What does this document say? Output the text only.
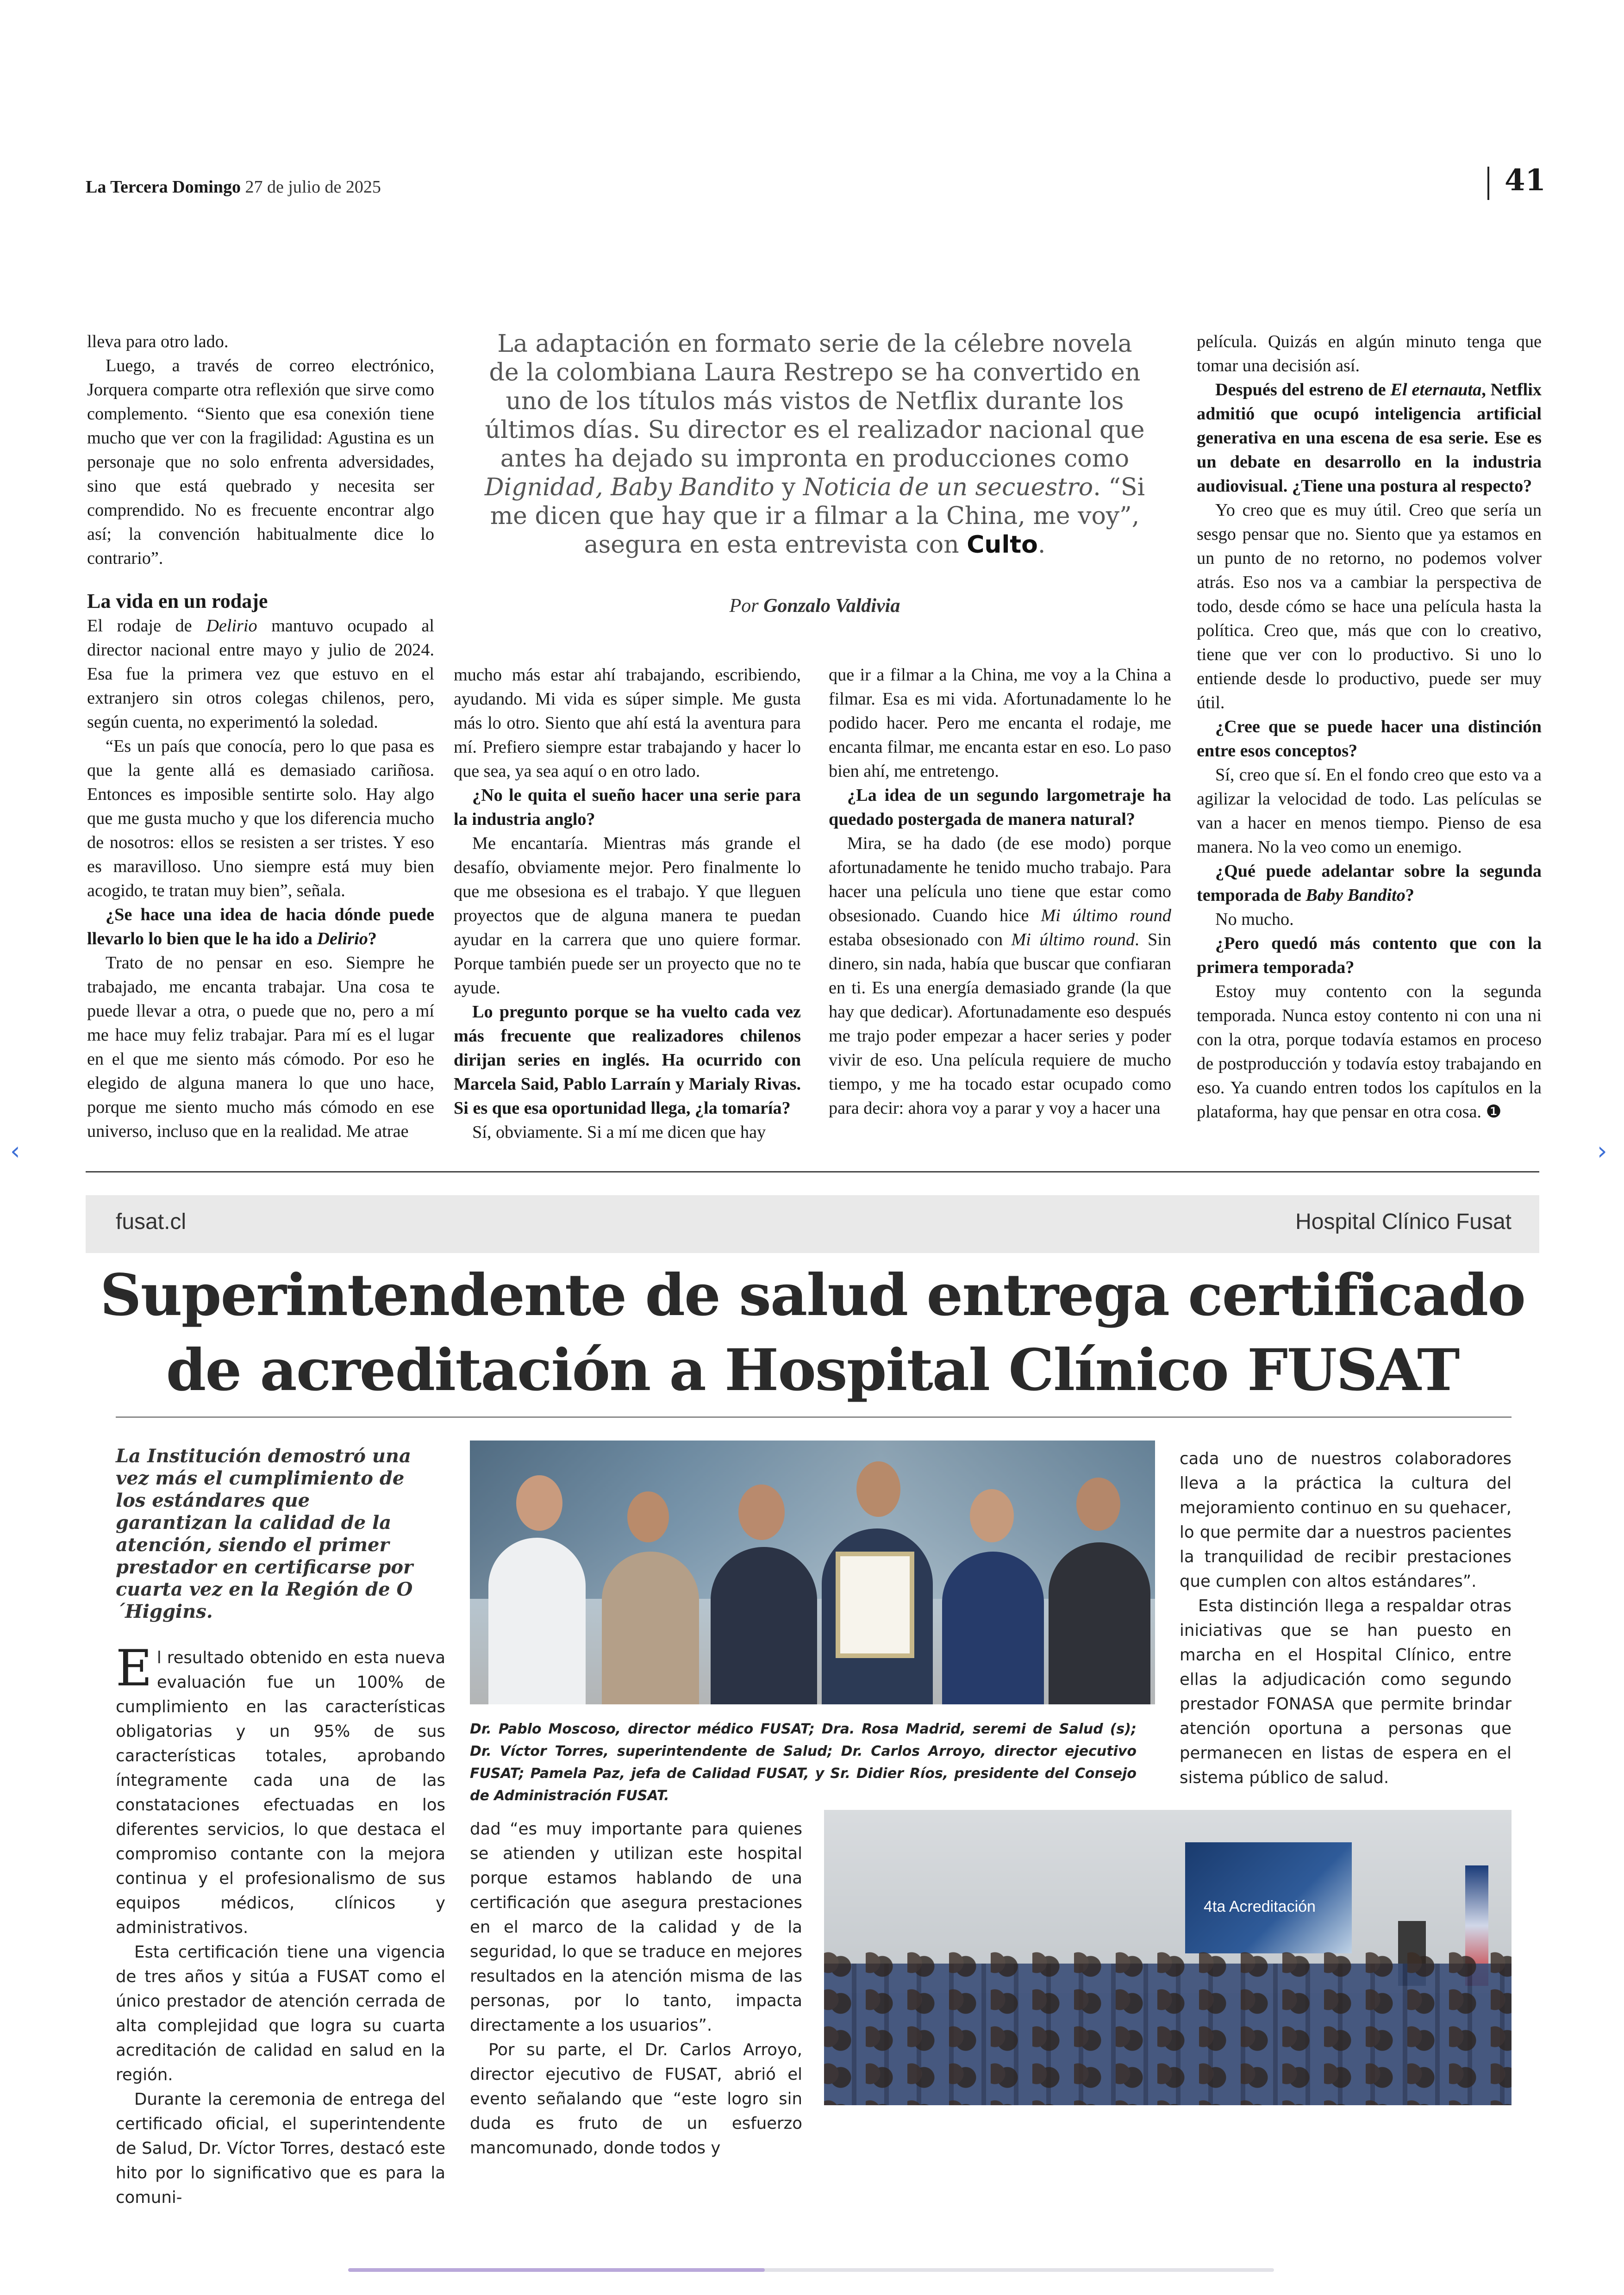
La Tercera Domingo 27 de julio de 2025	41

lleva para otro lado.

Luego, a través de correo electrónico, Jorquera comparte otra reflexión que sirve como complemento. “Siento que esa conexión tiene mucho que ver con la fragilidad: Agustina es un personaje que no solo enfrenta adversidades, sino que está quebrado y necesita ser comprendido. No es frecuente encontrar algo así; la convención habitualmente dice lo contrario”.

La vida en un rodaje

El rodaje de Delirio mantuvo ocupado al director nacional entre mayo y julio de 2024. Esa fue la primera vez que estuvo en el extranjero sin otros colegas chilenos, pero, según cuenta, no experimentó la soledad.

“Es un país que conocía, pero lo que pasa es que la gente allá es demasiado cariñosa. Entonces es imposible sentirte solo. Hay algo que me gusta mucho y que los diferencia mucho de nosotros: ellos se resisten a ser tristes. Y eso es maravilloso. Uno siempre está muy bien acogido, te tratan muy bien”, señala.

¿Se hace una idea de hacia dónde puede llevarlo lo bien que le ha ido a Delirio?

Trato de no pensar en eso. Siempre he trabajado, me encanta trabajar. Una cosa te puede llevar a otra, o puede que no, pero a mí me hace muy feliz trabajar. Para mí es el lugar en el que me siento más cómodo. Por eso he elegido de alguna manera lo que uno hace, porque me siento mucho más cómodo en ese universo, incluso que en la realidad. Me atrae

La adaptación en formato serie de la célebre novela de la colombiana Laura Restrepo se ha convertido en uno de los títulos más vistos de Netflix durante los últimos días. Su director es el realizador nacional que antes ha dejado su impronta en producciones como Dignidad, Baby Bandito y Noticia de un secuestro. “Si me dicen que hay que ir a filmar a la China, me voy”, asegura en esta entrevista con Culto.
Por Gonzalo Valdivia

mucho más estar ahí trabajando, escribiendo, ayudando. Mi vida es súper simple. Me gusta más lo otro. Siento que ahí está la aventura para mí. Prefiero siempre estar trabajando y hacer lo que sea, ya sea aquí o en otro lado.

¿No le quita el sueño hacer una serie para la industria anglo?

Me encantaría. Mientras más grande el desafío, obviamente mejor. Pero finalmente lo que me obsesiona es el trabajo. Y que lleguen proyectos que de alguna manera te puedan ayudar en la carrera que uno quiere formar. Porque también puede ser un proyecto que no te ayude.

Lo pregunto porque se ha vuelto cada vez más frecuente que realizadores chilenos dirijan series en inglés. Ha ocurrido con Marcela Said, Pablo Larraín y Marialy Rivas. Si es que esa oportunidad llega, ¿la tomaría?

Sí, obviamente. Si a mí me dicen que hay

que ir a filmar a la China, me voy a la China a filmar. Esa es mi vida. Afortunadamente lo he podido hacer. Pero me encanta el rodaje, me encanta filmar, me encanta estar en eso. Lo paso bien ahí, me entretengo.

¿La idea de un segundo largometraje ha quedado postergada de manera natural?

Mira, se ha dado (de ese modo) porque afortunadamente he tenido mucho trabajo. Para hacer una película uno tiene que estar como obsesionado. Cuando hice Mi último round estaba obsesionado con Mi último round. Sin dinero, sin nada, había que buscar que confiaran en ti. Es una energía demasiado grande (la que hay que dedicar). Afortunadamente eso después me trajo poder empezar a hacer series y poder vivir de eso. Una película requiere de mucho tiempo, y me ha tocado estar ocupado como para decir: ahora voy a parar y voy a hacer una

película. Quizás en algún minuto tenga que tomar una decisión así.

Después del estreno de El eternauta, Netflix admitió que ocupó inteligencia artificial generativa en una escena de esa serie. Ese es un debate en desarrollo en la industria audiovisual. ¿Tiene una postura al respecto?

Yo creo que es muy útil. Creo que sería un sesgo pensar que no. Siento que ya estamos en un punto de no retorno, no podemos volver atrás. Eso nos va a cambiar la perspectiva de todo, desde cómo se hace una película hasta la política. Creo que, más que con lo creativo, tiene que ver con lo productivo. Si uno lo entiende desde lo productivo, puede ser muy útil.

¿Cree que se puede hacer una distinción entre esos conceptos?

Sí, creo que sí. En el fondo creo que esto va a agilizar la velocidad de todo. Las películas se van a hacer en menos tiempo. Pienso de esa manera. No la veo como un enemigo.

¿Qué puede adelantar sobre la segunda temporada de Baby Bandito?

No mucho.

¿Pero quedó más contento que con la primera temporada?

Estoy muy contento con la segunda temporada. Nunca estoy contento ni con una ni con la otra, porque todavía estamos en proceso de postproducción y todavía estoy trabajando en eso. Ya cuando entren todos los capítulos en la plataforma, hay que pensar en otra cosa. ❶

fusat.cl	Hospital Clínico Fusat
Superintendente de salud entrega certificado
de acreditación a Hospital Clínico FUSAT
La Institución demostró una vez más el cumplimiento de los estándares que garantizan la calidad de la atención, siendo el primer prestador en certificarse por cuarta vez en la Región de O´Higgins.
Dr. Pablo Moscoso, director médico FUSAT; Dra. Rosa Madrid, seremi de Salud (s); Dr. Víctor Torres, superintendente de Salud; Dr. Carlos Arroyo, director ejecutivo FUSAT; Pamela Paz, jefa de Calidad FUSAT, y Sr. Didier Ríos, presidente del Consejo de Administración FUSAT.

El resultado obtenido en esta nueva evaluación fue un 100% de cumplimiento en las características obligatorias y un 95% de sus características totales, aprobando íntegramente cada una de las constataciones efectuadas en los diferentes servicios, lo que destaca el compromiso contante con la mejora continua y el profesionalismo de sus equipos médicos, clínicos y administrativos.

Esta certificación tiene una vigencia de tres años y sitúa a FUSAT como el único prestador de atención cerrada de alta complejidad que logra su cuarta acreditación de calidad en salud en la región.

Durante la ceremonia de entrega del certificado oficial, el superintendente de Salud, Dr. Víctor Torres, destacó este hito por lo significativo que es para la comuni-

dad “es muy importante para quienes se atienden y utilizan este hospital porque estamos hablando de una certificación que asegura prestaciones en el marco de la calidad y de la seguridad, lo que se traduce en mejores resultados en la atención misma de las personas, por lo tanto, impacta directamente a los usuarios”.

Por su parte, el Dr. Carlos Arroyo, director ejecutivo de FUSAT, abrió el evento señalando que “este logro sin duda es fruto de un esfuerzo mancomunado, donde todos y

cada uno de nuestros colaboradores lleva a la práctica la cultura del mejoramiento continuo en su quehacer, lo que permite dar a nuestros pacientes la tranquilidad de recibir prestaciones que cumplen con altos estándares”.

Esta distinción llega a respaldar otras iniciativas que se han puesto en marcha en el Hospital Clínico, entre ellas la adjudicación como segundo prestador FONASA que permite brindar atención oportuna a personas que permanecen en listas de espera en el sistema público de salud.

4ta Acreditación
‹	›
